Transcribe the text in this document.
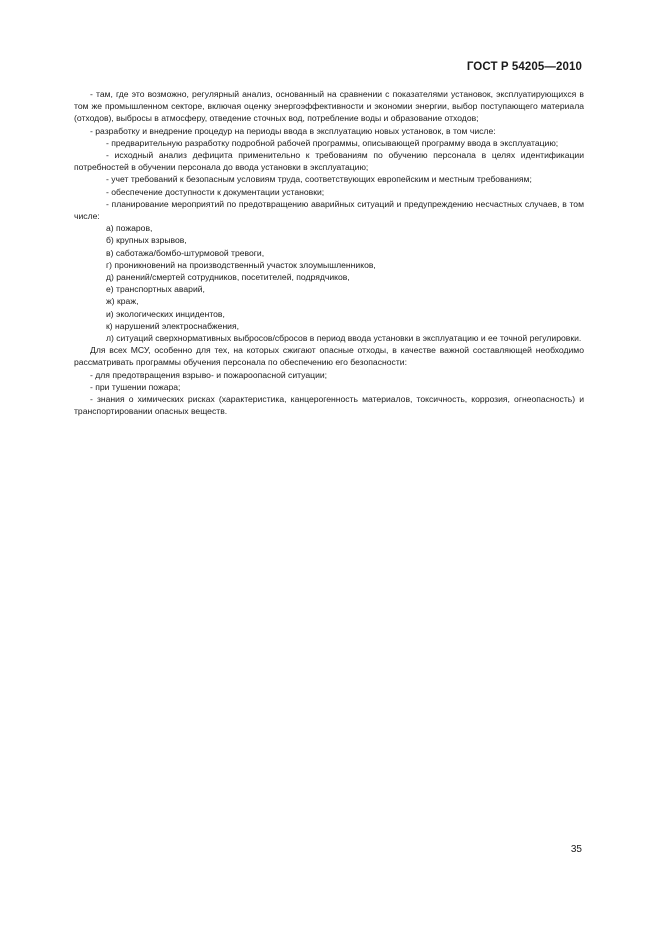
ГОСТ Р 54205—2010
- там, где это возможно, регулярный анализ, основанный на сравнении с показателями установок, эксплуатирующихся в том же промышленном секторе, включая оценку энергоэффективности и экономии энергии, выбор поступающего материала (отходов), выбросы в атмосферу, отведение сточных вод, потребление воды и образование отходов;
- разработку и внедрение процедур на периоды ввода в эксплуатацию новых установок, в том числе:
- предварительную разработку подробной рабочей программы, описывающей программу ввода в эксплуатацию;
- исходный анализ дефицита применительно к требованиям по обучению персонала в целях идентификации потребностей в обучении персонала до ввода установки в эксплуатацию;
- учет требований к безопасным условиям труда, соответствующих европейским и местным требованиям;
- обеспечение доступности к документации установки;
- планирование мероприятий по предотвращению аварийных ситуаций и предупреждению несчастных случаев, в том числе:
а) пожаров,
б) крупных взрывов,
в) саботажа/бомбо-штурмовой тревоги,
г) проникновений на производственный участок злоумышленников,
д) ранений/смертей сотрудников, посетителей, подрядчиков,
е) транспортных аварий,
ж) краж,
и) экологических инцидентов,
к) нарушений электроснабжения,
л) ситуаций сверхнормативных выбросов/сбросов в период ввода установки в эксплуатацию и ее точной регулировки.
Для всех МСУ, особенно для тех, на которых сжигают опасные отходы, в качестве важной составляющей необходимо рассматривать программы обучения персонала по обеспечению его безопасности:
- для предотвращения взрыво- и пожароопасной ситуации;
- при тушении пожара;
- знания о химических рисках (характеристика, канцерогенность материалов, токсичность, коррозия, огнеопасность) и транспортировании опасных веществ.
35
